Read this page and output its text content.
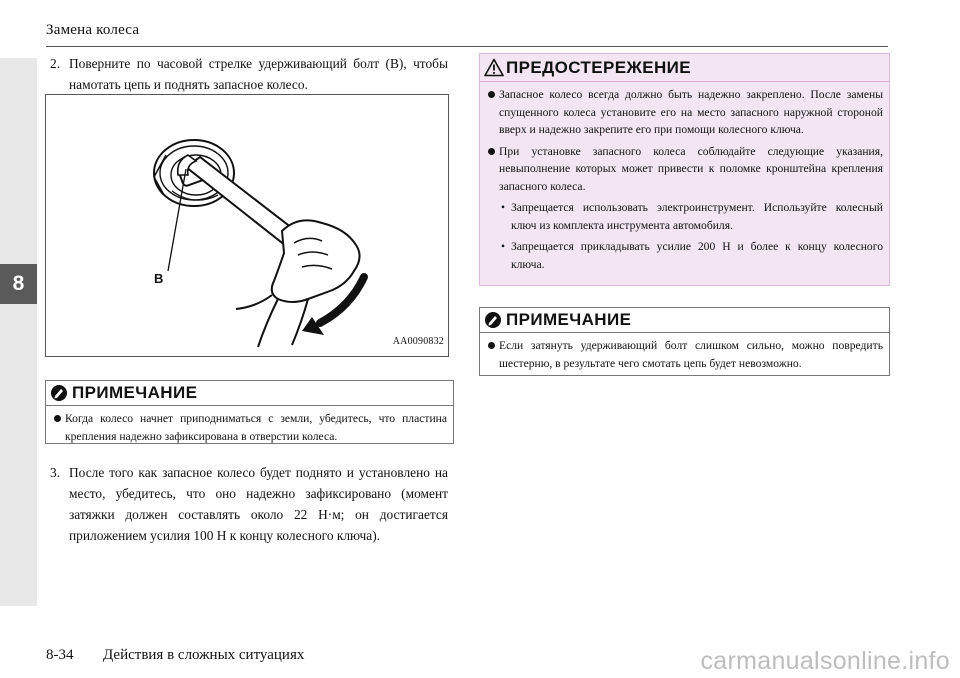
8
Замена колеса
2. Поверните по часовой стрелке удерживающий болт (B), чтобы намотать цепь и поднять запасное колесо.
B
AA0090832
ПРИМЕЧАНИЕ
Когда колесо начнет приподниматься с земли, убедитесь, что пластина крепления надежно зафиксирована в отверстии колеса.
3. После того как запасное колесо будет поднято и установлено на место, убедитесь, что оно надежно зафиксировано (момент затяжки должен составлять около 22 Н·м; он достигается приложением усилия 100 Н к концу колесного ключа).
ПРЕДОСТЕРЕЖЕНИЕ
Запасное колесо всегда должно быть надежно закреплено. После замены спущенного колеса установите его на место запасного наружной стороной вверх и надежно закрепите его при помощи колесного ключа.
При установке запасного колеса соблюдайте следующие указания, невыполнение которых может привести к поломке кронштейна крепления запасного колеса.
• Запрещается использовать электроинструмент. Используйте колесный ключ из комплекта инструмента автомобиля.
• Запрещается прикладывать усилие 200 Н и более к концу колесного ключа.
ПРИМЕЧАНИЕ
Если затянуть удерживающий болт слишком сильно, можно повредить шестерню, в результате чего смотать цепь будет невозможно.
8-34 Действия в сложных ситуациях	carmanualsonline.info
